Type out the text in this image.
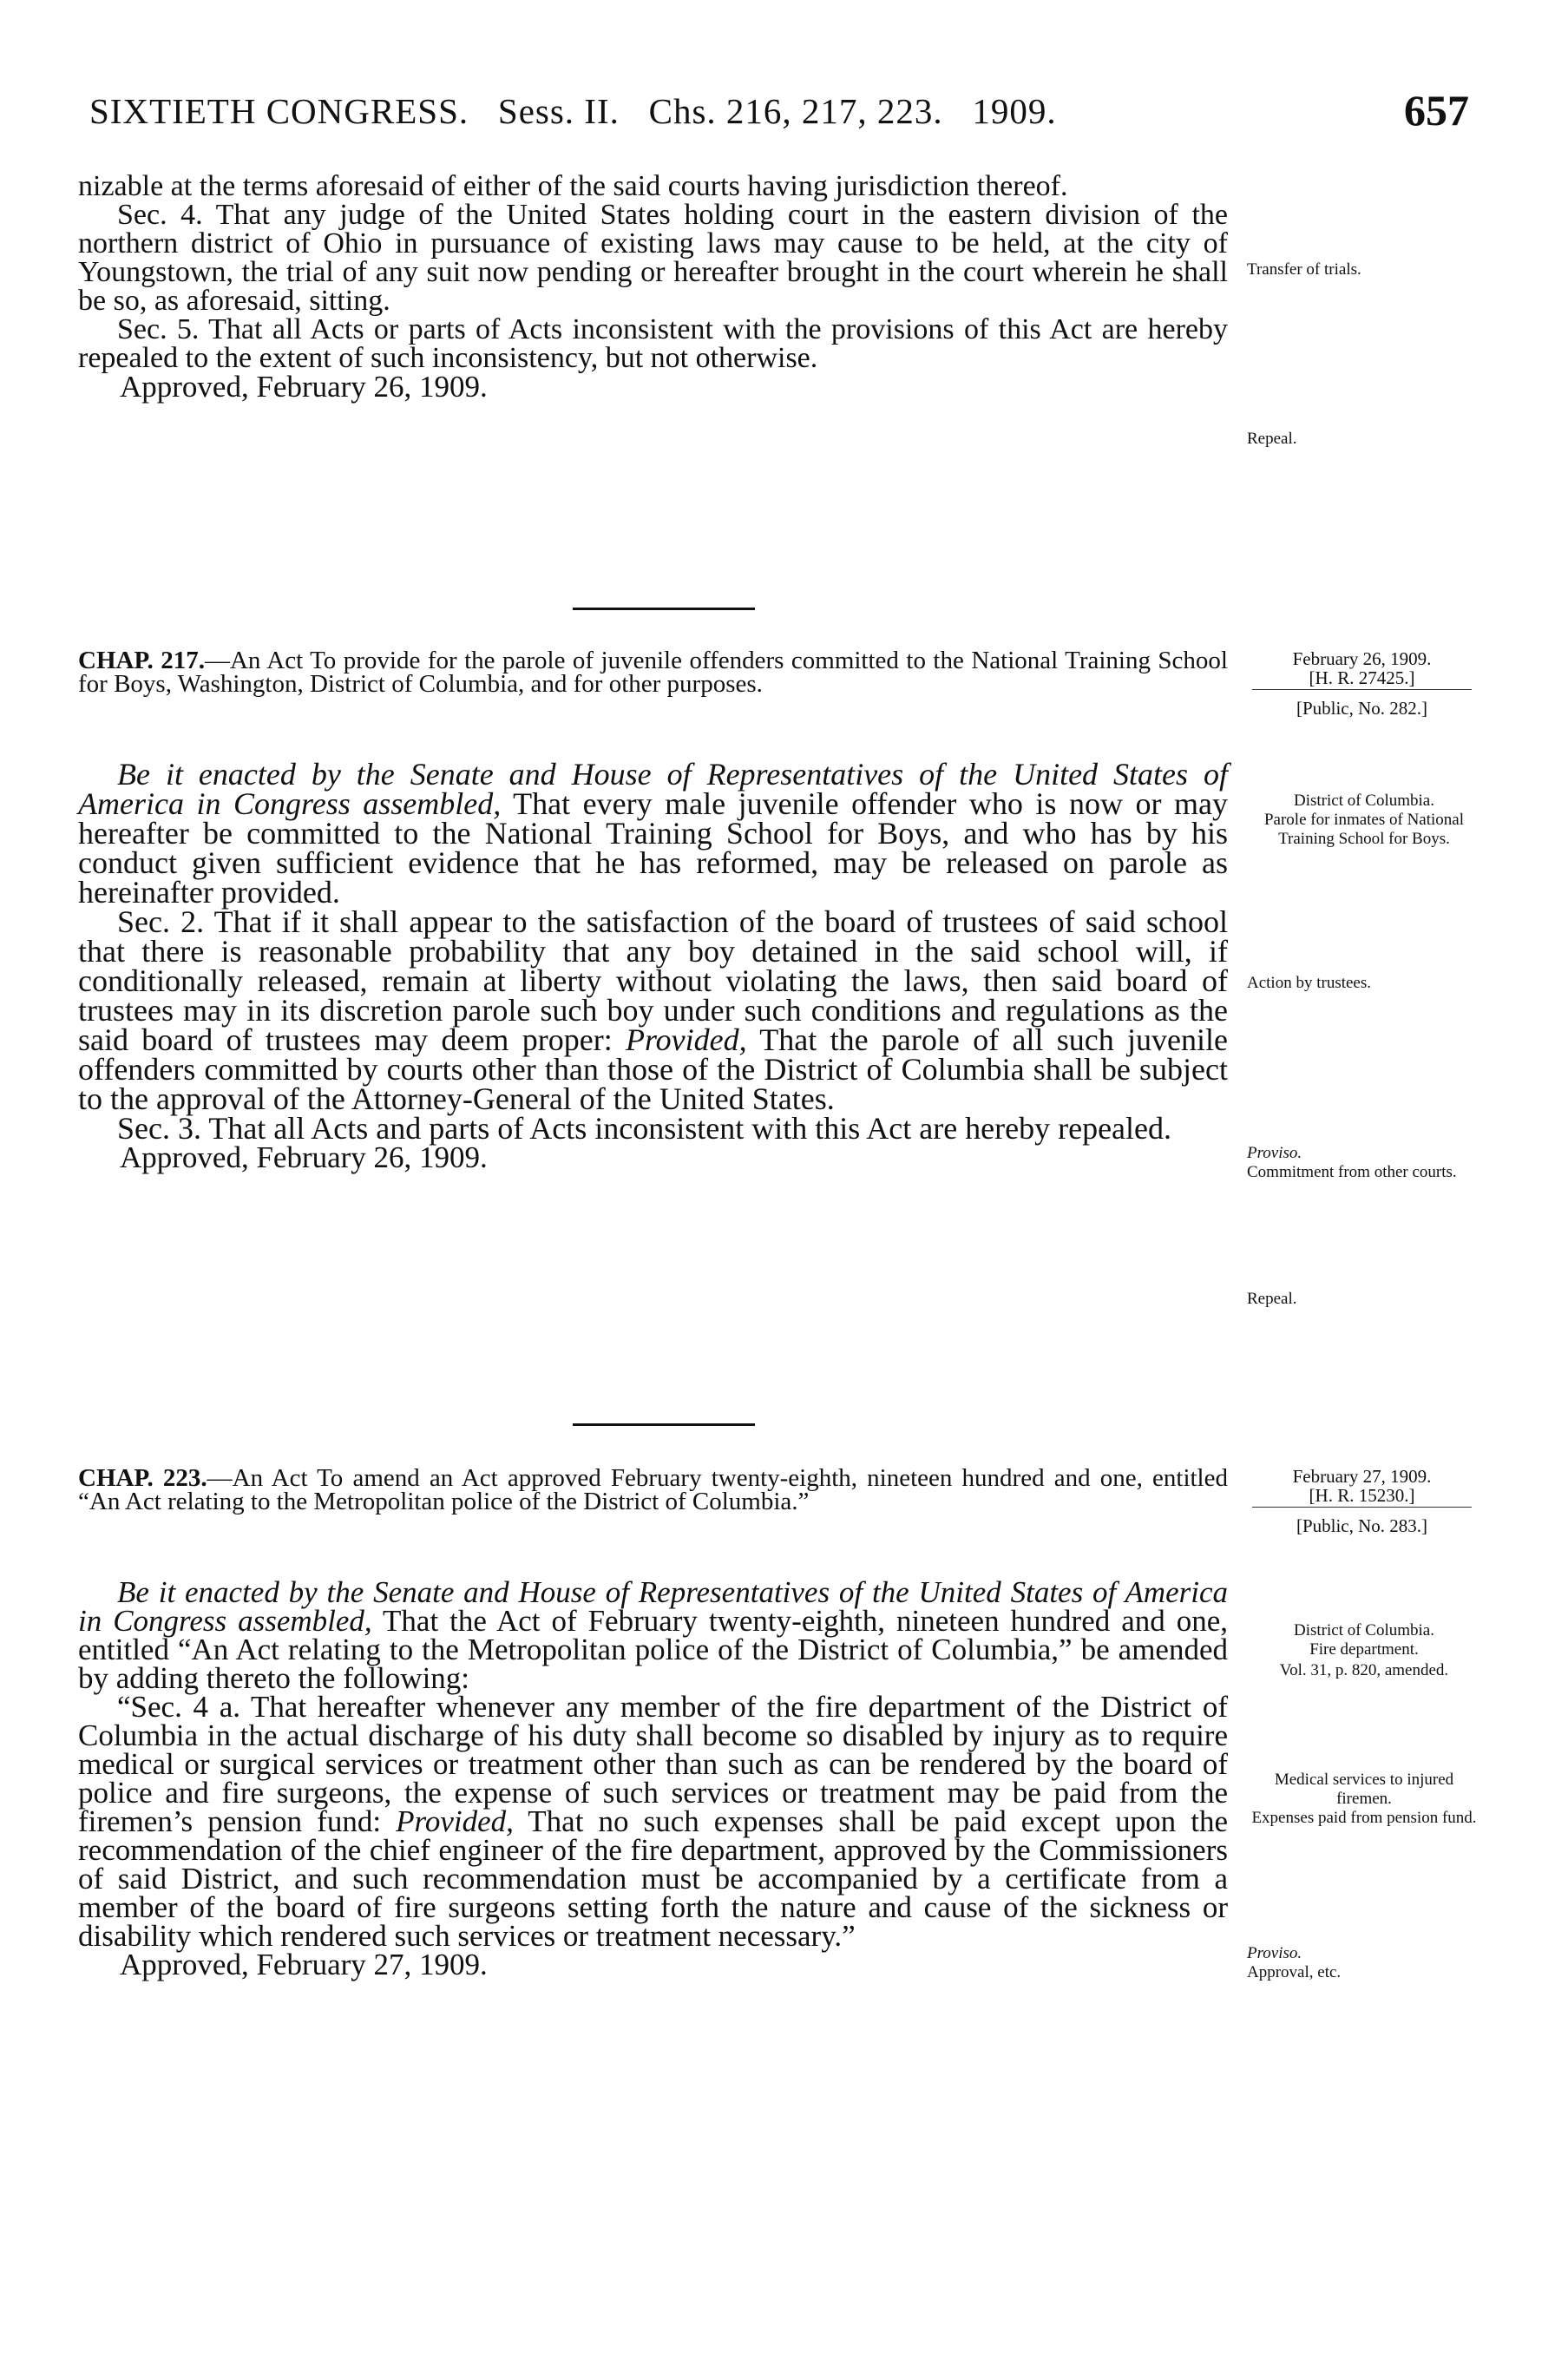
SIXTIETH CONGRESS. Sess. II. Chs. 216, 217, 223. 1909.	657

nizable at the terms aforesaid of either of the said courts having jurisdiction thereof.

Sec. 4. That any judge of the United States holding court in the eastern division of the northern district of Ohio in pursuance of existing laws may cause to be held, at the city of Youngstown, the trial of any suit now pending or hereafter brought in the court wherein he shall be so, as aforesaid, sitting.

Sec. 5. That all Acts or parts of Acts inconsistent with the provisions of this Act are hereby repealed to the extent of such inconsistency, but not otherwise.

Approved, February 26, 1909.

Transfer of trials.
Repeal.
CHAP. 217.—An Act To provide for the parole of juvenile offenders committed to the National Training School for Boys, Washington, District of Columbia, and for other purposes.
February 26, 1909.
[H. R. 27425.]
[Public, No. 282.]

Be it enacted by the Senate and House of Representatives of the United States of America in Congress assembled, That every male juvenile offender who is now or may hereafter be committed to the National Training School for Boys, and who has by his conduct given sufficient evidence that he has reformed, may be released on parole as hereinafter provided.

Sec. 2. That if it shall appear to the satisfaction of the board of trustees of said school that there is reasonable probability that any boy detained in the said school will, if conditionally released, remain at liberty without violating the laws, then said board of trustees may in its discretion parole such boy under such conditions and regulations as the said board of trustees may deem proper: Provided, That the parole of all such juvenile offenders committed by courts other than those of the District of Columbia shall be subject to the approval of the Attorney-General of the United States.

Sec. 3. That all Acts and parts of Acts inconsistent with this Act are hereby repealed.

Approved, February 26, 1909.

District of Columbia.
Parole for inmates of National Training School for Boys.
Action by trustees.
Proviso.
Commitment from other courts.
Repeal.
CHAP. 223.—An Act To amend an Act approved February twenty-eighth, nineteen hundred and one, entitled “An Act relating to the Metropolitan police of the District of Columbia.”
February 27, 1909.
[H. R. 15230.]
[Public, No. 283.]

Be it enacted by the Senate and House of Representatives of the United States of America in Congress assembled, That the Act of February twenty-eighth, nineteen hundred and one, entitled “An Act relating to the Metropolitan police of the District of Columbia,” be amended by adding thereto the following:

“Sec. 4 a. That hereafter whenever any member of the fire department of the District of Columbia in the actual discharge of his duty shall become so disabled by injury as to require medical or surgical services or treatment other than such as can be rendered by the board of police and fire surgeons, the expense of such services or treatment may be paid from the firemen’s pension fund: Provided, That no such expenses shall be paid except upon the recommendation of the chief engineer of the fire department, approved by the Commissioners of said District, and such recommendation must be accompanied by a certificate from a member of the board of fire surgeons setting forth the nature and cause of the sickness or disability which rendered such services or treatment necessary.”

Approved, February 27, 1909.

District of Columbia.
Fire department.
Vol. 31, p. 820, amended.
Medical services to injured firemen.
Expenses paid from pension fund.
Proviso.
Approval, etc.
